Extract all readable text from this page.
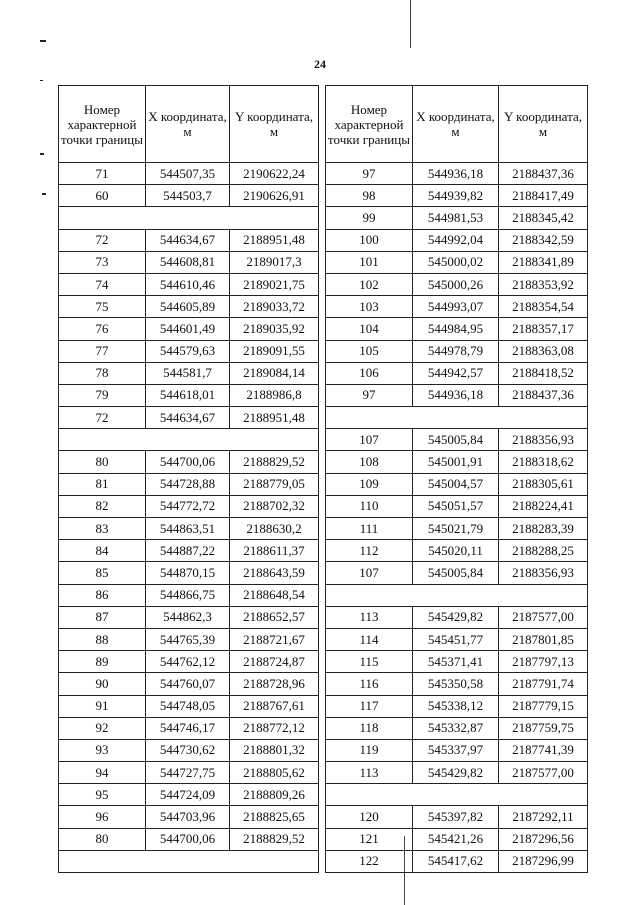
24
Номер характерной точки границы	X координата, м	Y координата, м
71	544507,35	2190622,24
60	544503,7	2190626,91

72	544634,67	2188951,48
73	544608,81	2189017,3
74	544610,46	2189021,75
75	544605,89	2189033,72
76	544601,49	2189035,92
77	544579,63	2189091,55
78	544581,7	2189084,14
79	544618,01	2188986,8
72	544634,67	2188951,48

80	544700,06	2188829,52
81	544728,88	2188779,05
82	544772,72	2188702,32
83	544863,51	2188630,2
84	544887,22	2188611,37
85	544870,15	2188643,59
86	544866,75	2188648,54
87	544862,3	2188652,57
88	544765,39	2188721,67
89	544762,12	2188724,87
90	544760,07	2188728,96
91	544748,05	2188767,61
92	544746,17	2188772,12
93	544730,62	2188801,32
94	544727,75	2188805,62
95	544724,09	2188809,26
96	544703,96	2188825,65
80	544700,06	2188829,52

Номер характерной точки границы	X координата, м	Y координата, м
97	544936,18	2188437,36
98	544939,82	2188417,49
99	544981,53	2188345,42
100	544992,04	2188342,59
101	545000,02	2188341,89
102	545000,26	2188353,92
103	544993,07	2188354,54
104	544984,95	2188357,17
105	544978,79	2188363,08
106	544942,57	2188418,52
97	544936,18	2188437,36

107	545005,84	2188356,93
108	545001,91	2188318,62
109	545004,57	2188305,61
110	545051,57	2188224,41
111	545021,79	2188283,39
112	545020,11	2188288,25
107	545005,84	2188356,93

113	545429,82	2187577,00
114	545451,77	2187801,85
115	545371,41	2187797,13
116	545350,58	2187791,74
117	545338,12	2187779,15
118	545332,87	2187759,75
119	545337,97	2187741,39
113	545429,82	2187577,00

120	545397,82	2187292,11
121	545421,26	2187296,56
122	545417,62	2187296,99
